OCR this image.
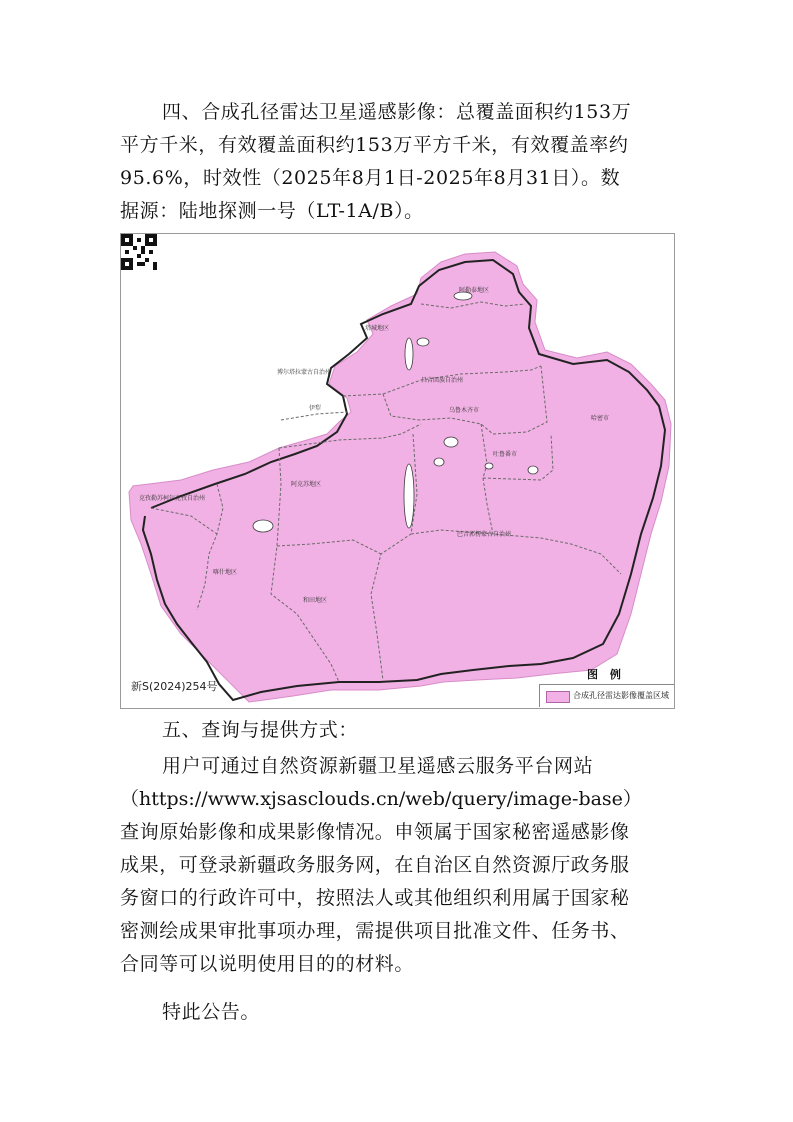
四、合成孔径雷达卫星遥感影像：总覆盖面积约153万
平方千米，有效覆盖面积约153万平方千米，有效覆盖率约
95.6%，时效性（2025年8月1日-2025年8月31日）。数
据源：陆地探测一号（LT-1A/B）。

阿勒泰地区
塔城地区
博尔塔拉蒙古自治州
昌吉回族自治州
乌鲁木齐市
哈密市
吐鲁番市
伊犁
阿克苏地区
克孜勒苏柯尔克孜自治州
喀什地区
和田地区
巴音郭楞蒙古自治州
新S(2024)254号
图 例
合成孔径雷达影像覆盖区域

五、查询与提供方式：

用户可通过自然资源新疆卫星遥感云服务平台网站
（https://www.xjsasclouds.cn/web/query/image-base）
查询原始影像和成果影像情况。申领属于国家秘密遥感影像
成果，可登录新疆政务服务网，在自治区自然资源厅政务服
务窗口的行政许可中，按照法人或其他组织利用属于国家秘
密测绘成果审批事项办理，需提供项目批准文件、任务书、
合同等可以说明使用目的的材料。

特此公告。
